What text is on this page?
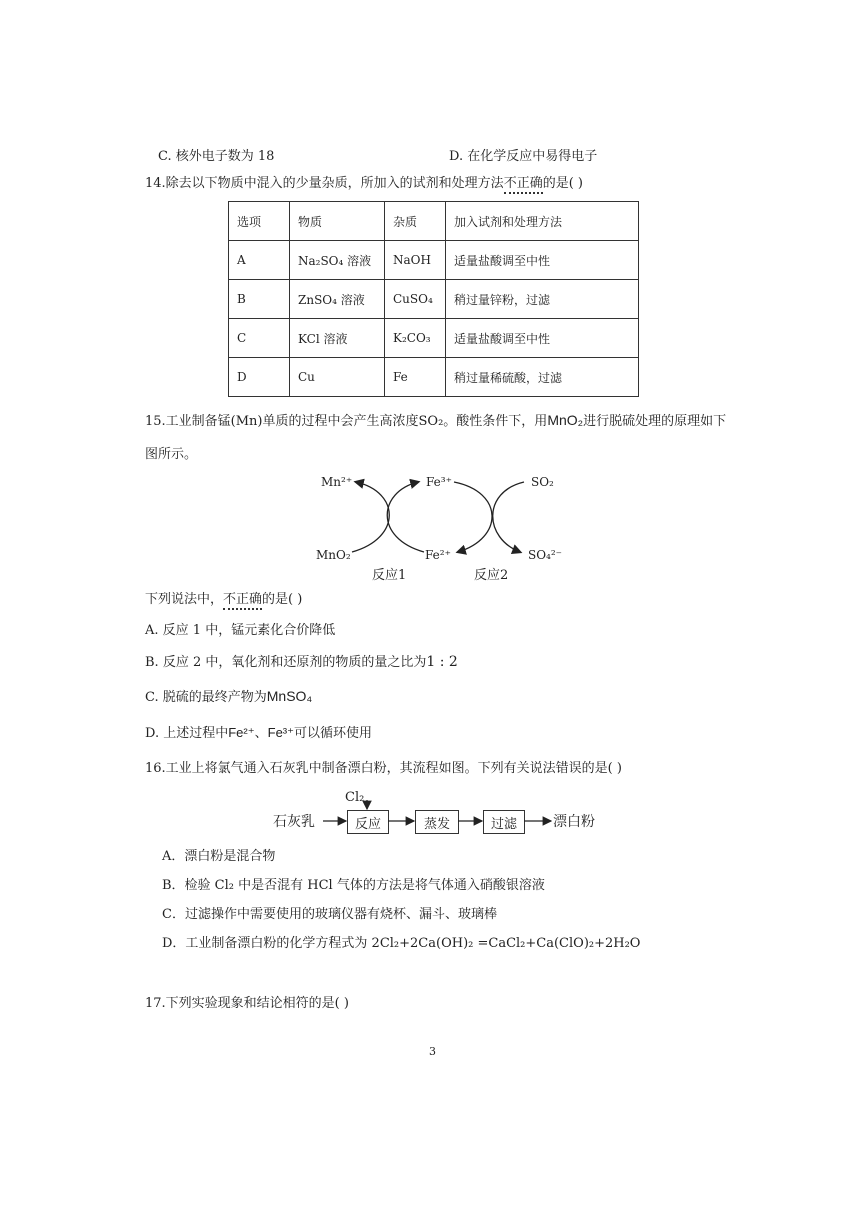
C. 核外电子数为 18	D. 在化学反应中易得电子
14.除去以下物质中混入的少量杂质，所加入的试剂和处理方法不正确的是( )
选项	物质	杂质	加入试剂和处理方法
A	Na₂SO₄ 溶液	NaOH	适量盐酸调至中性
B	ZnSO₄ 溶液	CuSO₄	稍过量锌粉，过滤
C	KCl 溶液	K₂CO₃	适量盐酸调至中性
D	Cu	Fe	稍过量稀硫酸，过滤
15.工业制备锰(Mn)单质的过程中会产生高浓度SO₂。酸性条件下，用MnO₂进行脱硫处理的原理如下
图所示。
Mn²⁺	Fe³⁺	SO₂
MnO₂	Fe²⁺	SO₄²⁻
反应1	反应2
下列说法中，不正确的是( )
A. 反应 1 中，锰元素化合价降低
B. 反应 2 中，氧化剂和还原剂的物质的量之比为1 : 2
C. 脱硫的最终产物为MnSO₄
D. 上述过程中Fe²⁺、Fe³⁺可以循环使用
16.工业上将氯气通入石灰乳中制备漂白粉，其流程如图。下列有关说法错误的是( )
Cl₂
石灰乳	反应	蒸发	过滤	漂白粉
A．漂白粉是混合物
B．检验 Cl₂ 中是否混有 HCl 气体的方法是将气体通入硝酸银溶液
C．过滤操作中需要使用的玻璃仪器有烧杯、漏斗、玻璃棒
D．工业制备漂白粉的化学方程式为 2Cl₂+2Ca(OH)₂ =CaCl₂+Ca(ClO)₂+2H₂O
17.下列实验现象和结论相符的是( )
3
